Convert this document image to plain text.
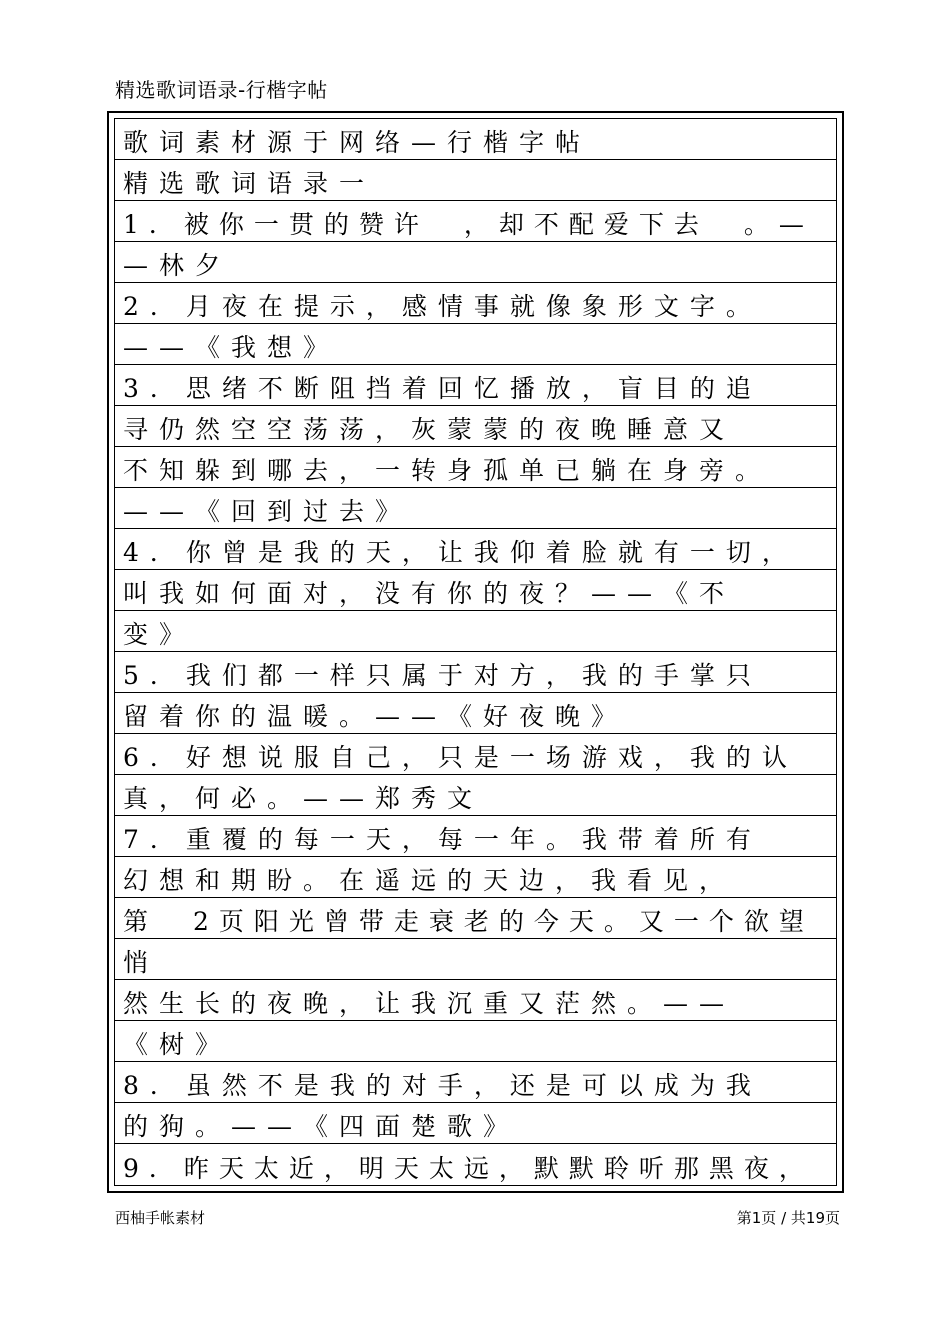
精选歌词语录-行楷字帖
歌词素材源于网络—行楷字帖
精选歌词语录一
1．被你一贯的赞许　，却不配爱下去　。—
—林夕
2．月夜在提示，感情事就像象形文字。
——《我想》
3．思绪不断阻挡着回忆播放，盲目的追
寻仍然空空荡荡，灰蒙蒙的夜晚睡意又
不知躲到哪去，一转身孤单已躺在身旁。
——《回到过去》
4．你曾是我的天，让我仰着脸就有一切，
叫我如何面对，没有你的夜？——《不
变》
5．我们都一样只属于对方，我的手掌只
留着你的温暖。——《好夜晚》
6．好想说服自己，只是一场游戏，我的认
真，何必。——郑秀文
7．重覆的每一天，每一年。我带着所有
幻想和期盼。在遥远的天边，我看见，
第　2页阳光曾带走衰老的今天。又一个欲望
悄
然生长的夜晚，让我沉重又茫然。——
《树》
8．虽然不是我的对手，还是可以成为我
的狗。——《四面楚歌》
9．昨天太近，明天太远，默默聆听那黑夜，
西柚手帐素材	第1页 / 共19页
